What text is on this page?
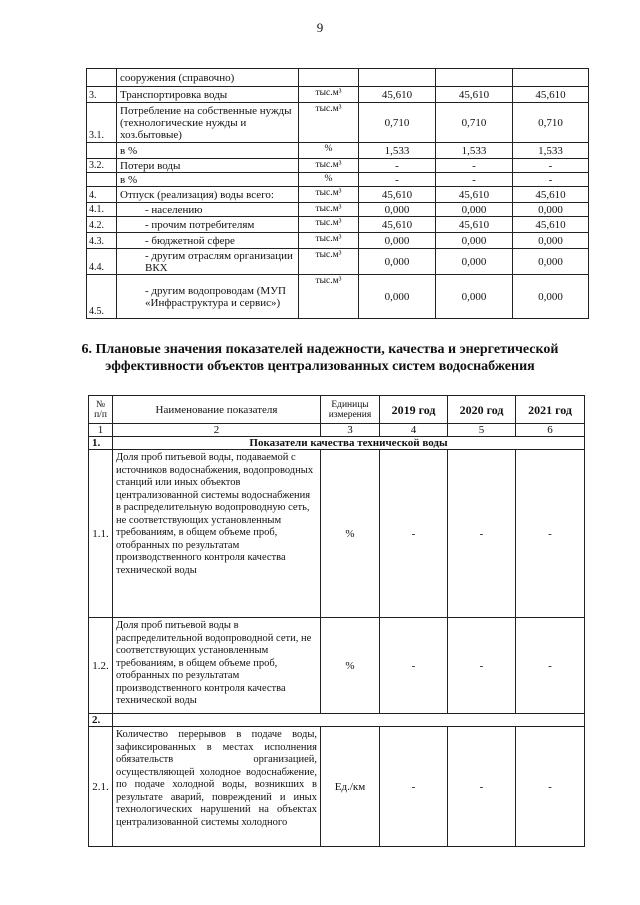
9
	сооружения (справочно)				
3.	Транспортировка воды	тыс.м³	45,610	45,610	45,610
3.1.	Потребление на собственные нужды (технологические нужды и хоз.бытовые)	тыс.м³	0,710	0,710	0,710
	в %	%	1,533	1,533	1,533
3.2.	Потери воды	тыс.м³	-	-	-
	в %	%	-	-	-
4.	Отпуск (реализация) воды всего:	тыс.м³	45,610	45,610	45,610
4.1.	- населению	тыс.м³	0,000	0,000	0,000
4.2.	- прочим потребителям	тыс.м³	45,610	45,610	45,610
4.3.	- бюджетной сфере	тыс.м³	0,000	0,000	0,000
4.4.	- другим отраслям организации ВКХ	тыс.м³	0,000	0,000	0,000
4.5.	- другим водопроводам (МУП «Инфраструктура и сервис»)	тыс.м³	0,000	0,000	0,000
6. Плановые значения показателей надежности, качества и энергетической эффективности объектов централизованных систем водоснабжения
№ п/п	Наименование показателя	Единицы измерения	2019 год	2020 год	2021 год
1	2	3	4	5	6
1.	Показатели качества технической воды				
1.1.	Доля проб питьевой воды, подаваемой с источников водоснабжения, водопроводных станций или иных объектов централизованной системы водоснабжения в распределительную водопроводную сеть, не соответствующих установленным требованиям, в общем объеме проб, отобранных по результатам производственного контроля качества технической воды	%	-	-	-
1.2.	Доля проб питьевой воды в распределительной водопроводной сети, не соответствующих установленным требованиям, в общем объеме проб, отобранных по результатам производственного контроля качества технической воды	%	-	-	-
2.					
2.1.	Количество перерывов в подаче воды, зафиксированных в местах исполнения обязательств организацией, осуществляющей холодное водоснабжение, по подаче холодной воды, возникших в результате аварий, повреждений и иных технологических нарушений на объектах централизованной системы холодного	Ед./км	-	-	-
